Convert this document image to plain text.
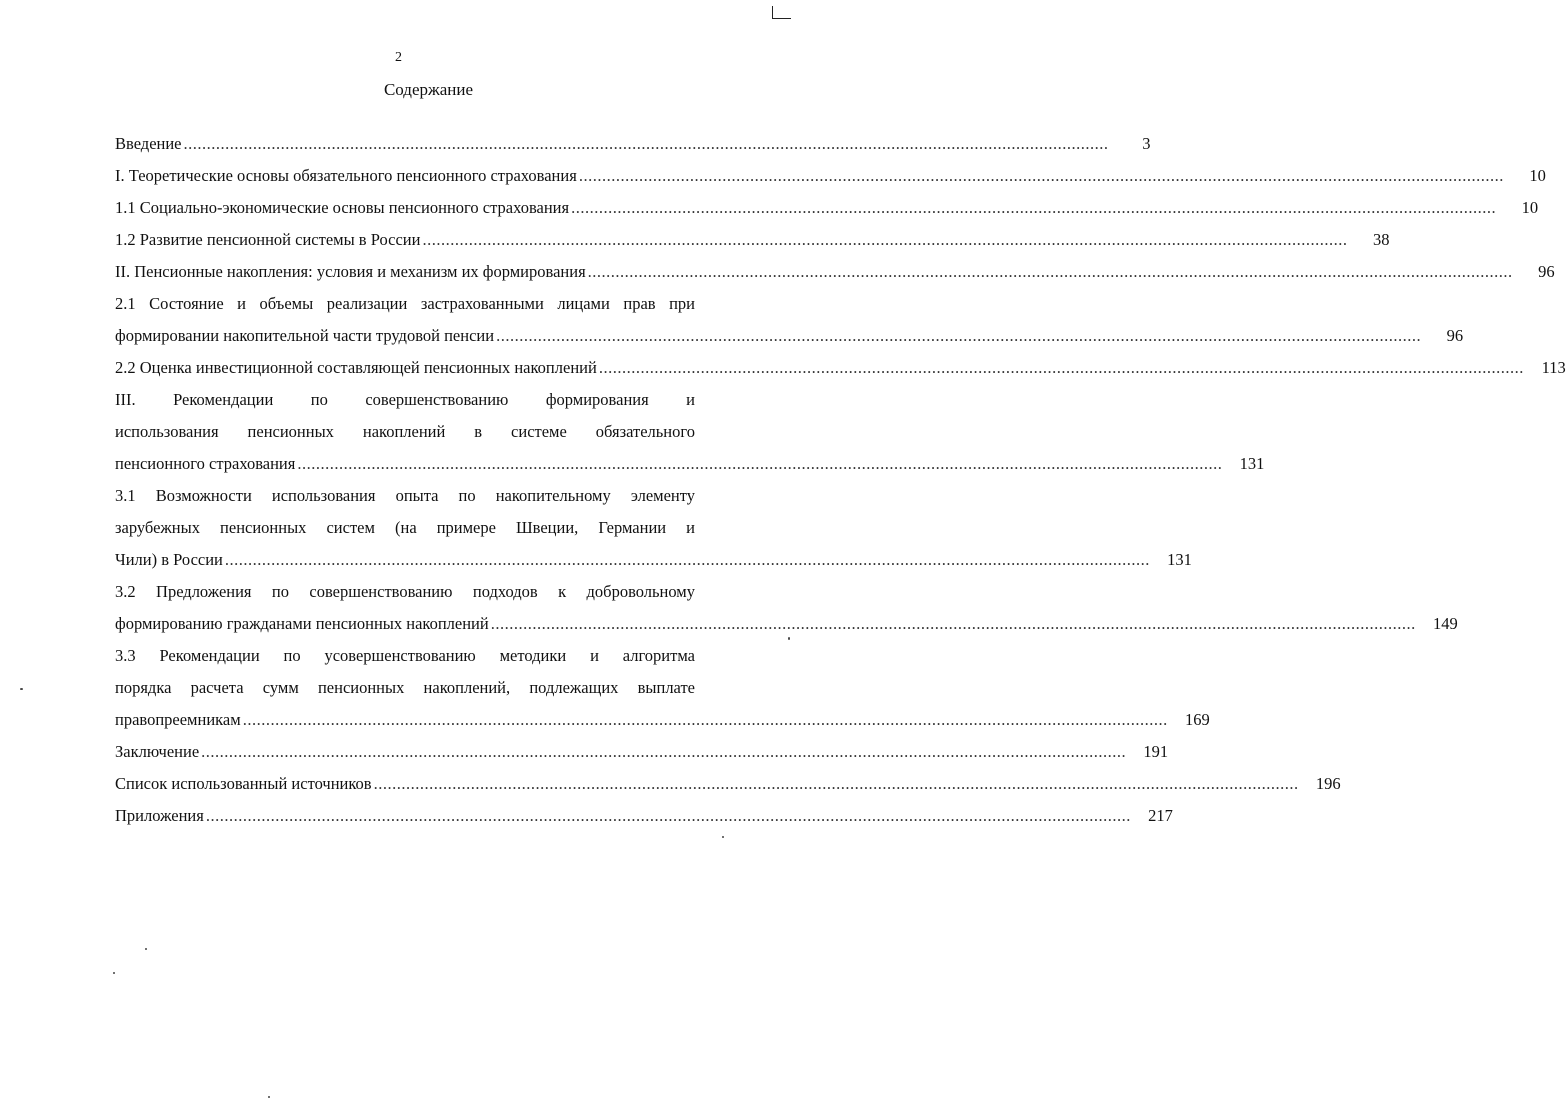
2
Содержание
Введение ........................................................................................................................................................................................................	3
I. Теоретические основы обязательного пенсионного страхования ........................................................................................................................................................................................................	10
1.1 Социально-экономические основы пенсионного страхования ........................................................................................................................................................................................................	10
1.2 Развитие пенсионной системы в России ........................................................................................................................................................................................................	38
II. Пенсионные накопления: условия и механизм их формирования ........................................................................................................................................................................................................	96
2.1 Состояние и объемы реализации застрахованными лицами прав при
формировании накопительной части трудовой пенсии ........................................................................................................................................................................................................	96
2.2 Оценка инвестиционной составляющей пенсионных накоплений ........................................................................................................................................................................................................	113
III. Рекомендации по совершенствованию формирования и
использования пенсионных накоплений в системе обязательного
пенсионного страхования ........................................................................................................................................................................................................	131
3.1 Возможности использования опыта по накопительному элементу
зарубежных пенсионных систем (на примере Швеции, Германии и
Чили) в России ........................................................................................................................................................................................................	131
3.2 Предложения по совершенствованию подходов к добровольному
формированию гражданами пенсионных накоплений ........................................................................................................................................................................................................	149
3.3 Рекомендации по усовершенствованию методики и алгоритма
порядка расчета сумм пенсионных накоплений, подлежащих выплате
правопреемникам ........................................................................................................................................................................................................	169
Заключение ........................................................................................................................................................................................................	191
Список использованный источников ........................................................................................................................................................................................................	196
Приложения ........................................................................................................................................................................................................	217
